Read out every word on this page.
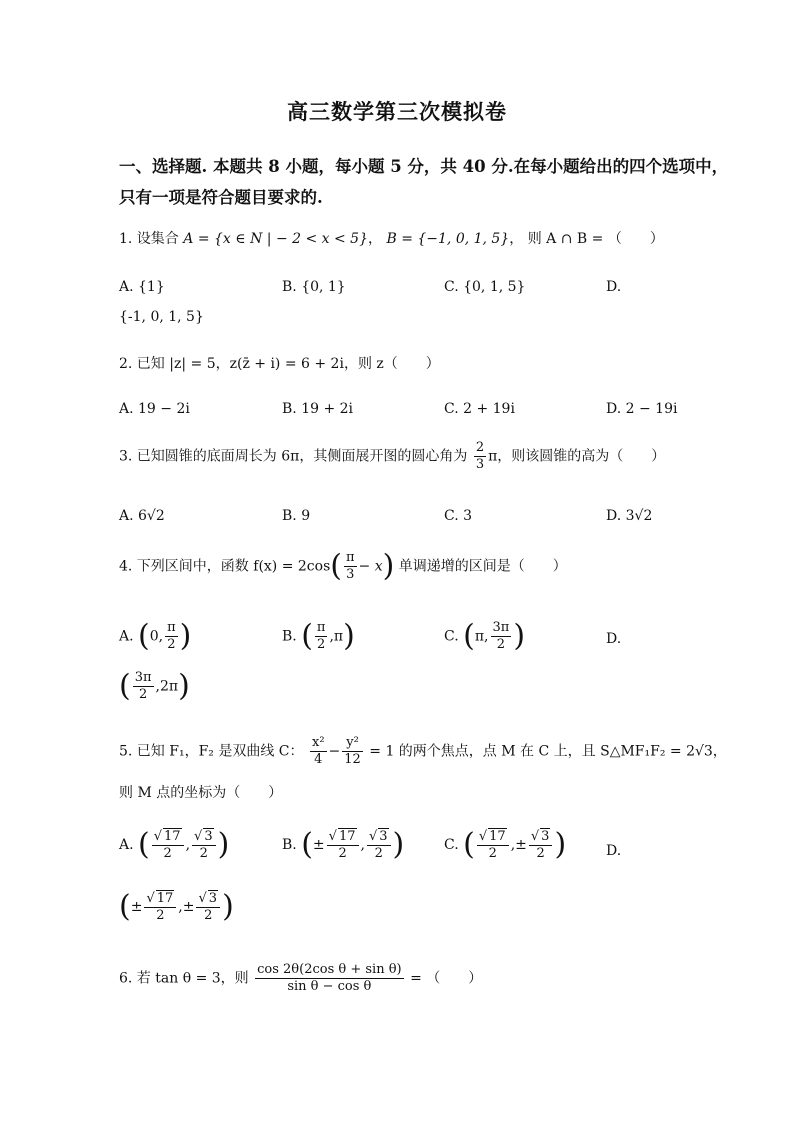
高三数学第三次模拟卷
一、选择题. 本题共 8 小题，每小题 5 分，共 40 分.在每小题给出的四个选项中，
只有一项是符合题目要求的.
1. 设集合 A = {x ∈ N | − 2 < x < 5}， B = {−1, 0, 1, 5}， 则 A ∩ B = （　　）
A. {1}	B. {0, 1}	C. {0, 1, 5}	D.
{-1, 0, 1, 5}
2. 已知 |z| = 5，z(z̄ + i) = 6 + 2i，则 z（　　）
A. 19 − 2i	B. 19 + 2i	C. 2 + 19i	D. 2 − 19i
3. 已知圆锥的底面周长为 6π，其侧面展开图的圆心角为 $\frac{2}{3}$ π，则该圆锥的高为（　　）
A. 6√2	B. 9	C. 3	D. 3√2
4. 下列区间中，函数 $f(x) = 2\cos( \frac{\pi}{3} - x)$ 单调递增的区间是（　　）
A. (0, $\frac{\pi}{2}$ )	B. ( $\frac{\pi}{2} ,\pi$)	C. (π, $\frac{3\pi}{2}$ )	D.
( $\frac{3\pi}{2} ,2\pi$)
5. 已知 F₁，F₂ 是双曲线 C： $\frac{\text{x²}}{4} - \frac{\text{y²}}{12} = 1$ 的两个焦点，点 M 在 C 上，且 S△MF₁F₂ = 2√3，
则 M 点的坐标为（　　）
A. ( $\frac{√ 17}{2}$ , $\frac{√ 3}{2}$ )	B. (± $\frac{√ 17}{2}$ , $\frac{√ 3}{2}$ )	C. ( $\frac{√ 17}{2}$ ,± $\frac{√ 3}{2}$ )	D.
(± $\frac{√ 17}{2}$ ,± $\frac{√ 3}{2}$ )
6. 若 tan θ = 3，则 $\frac{\text{cos 2θ(2cos θ + sin θ)}}{\text{sin θ − cos θ}}$ = （　　）
